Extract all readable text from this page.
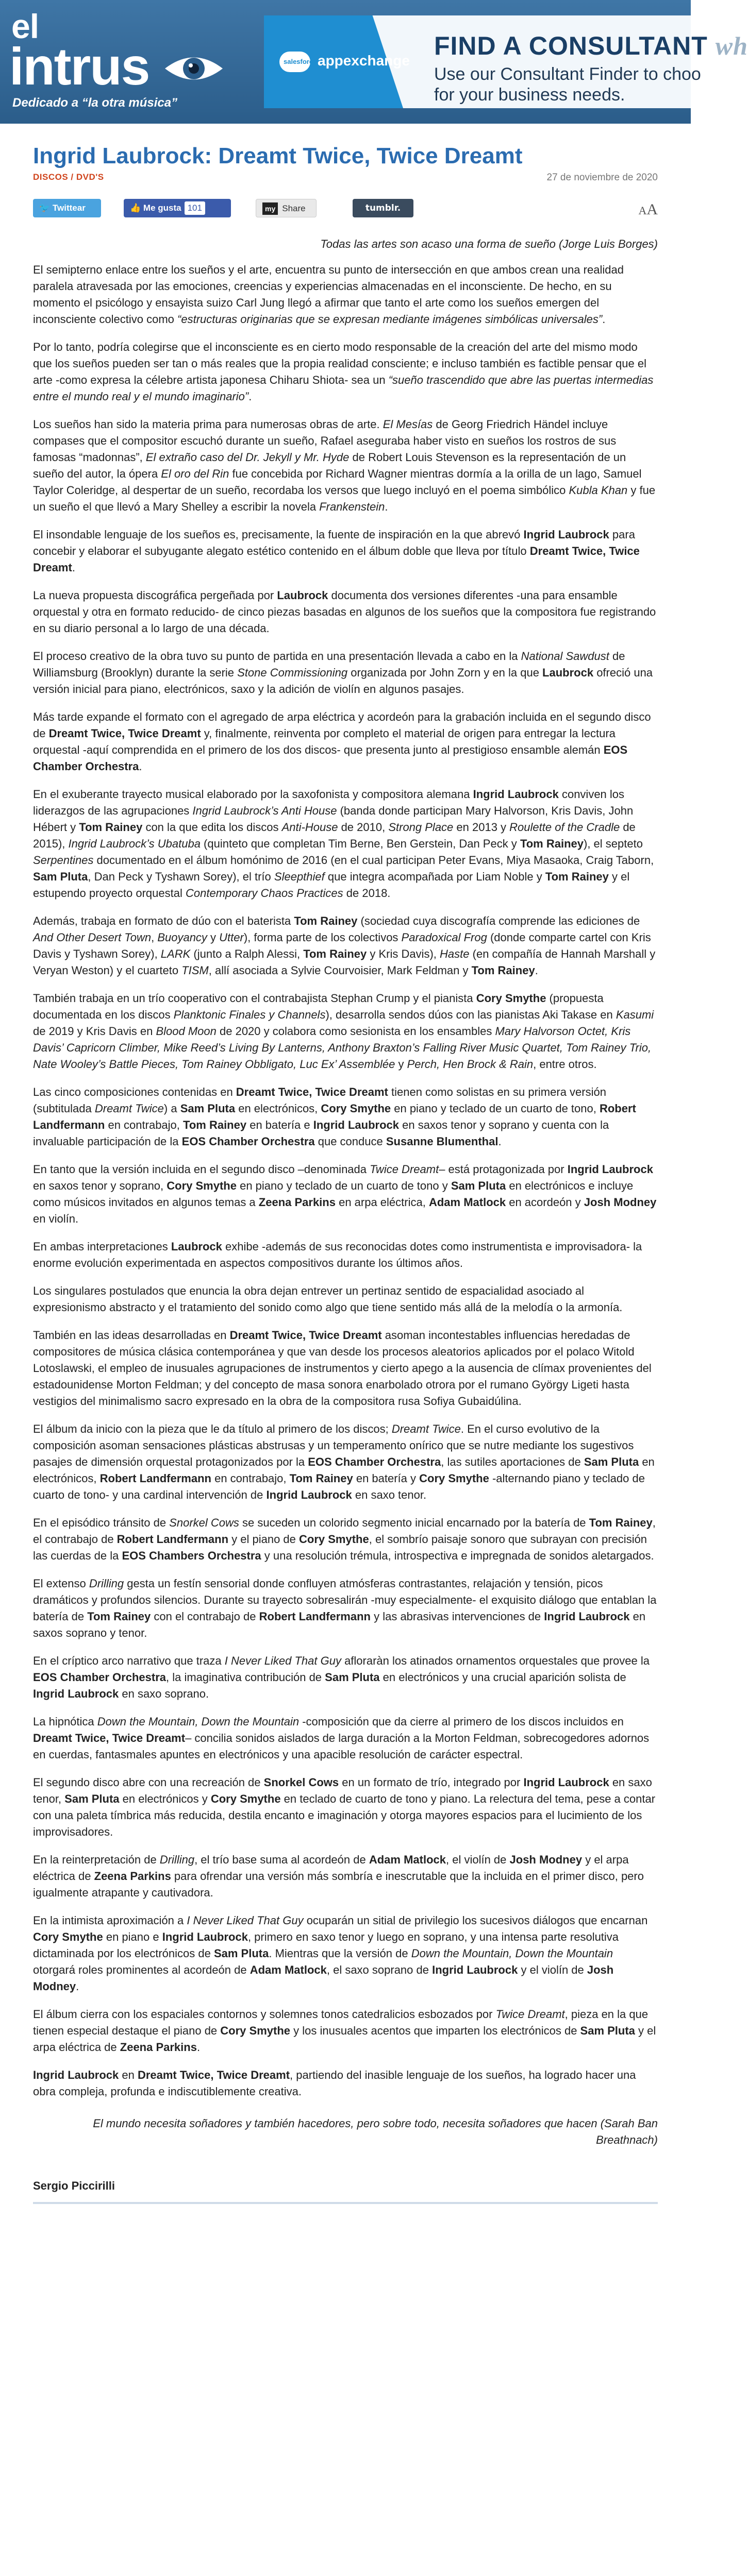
el
intrus
Dedicado a “la otra música”
salesforce appexchange
FIND A CONSULTANT wh
Use our Consultant Finder to choo
for your business needs.
Ingrid Laubrock: Dreamt Twice, Twice Dreamt
DISCOS / DVD'S	27 de noviembre de 2020
🐦 Twittear	👍 Me gusta 101	my Share	tumblr.	AA

Todas las artes son acaso una forma de sueño (Jorge Luis Borges)

El semipterno enlace entre los sueños y el arte, encuentra su punto de intersección en que ambos crean una realidad paralela atravesada por las emociones, creencias y experiencias almacenadas en el inconsciente. De hecho, en su momento el psicólogo y ensayista suizo Carl Jung llegó a afirmar que tanto el arte como los sueños emergen del inconsciente colectivo como “estructuras originarias que se expresan mediante imágenes simbólicas universales”.

Por lo tanto, podría colegirse que el inconsciente es en cierto modo responsable de la creación del arte del mismo modo que los sueños pueden ser tan o más reales que la propia realidad consciente; e incluso también es factible pensar que el arte -como expresa la célebre artista japonesa Chiharu Shiota- sea un “sueño trascendido que abre las puertas intermedias entre el mundo real y el mundo imaginario”.

Los sueños han sido la materia prima para numerosas obras de arte. El Mesías de Georg Friedrich Händel incluye compases que el compositor escuchó durante un sueño, Rafael aseguraba haber visto en sueños los rostros de sus famosas “madonnas”, El extraño caso del Dr. Jekyll y Mr. Hyde de Robert Louis Stevenson es la representación de un sueño del autor, la ópera El oro del Rin fue concebida por Richard Wagner mientras dormía a la orilla de un lago, Samuel Taylor Coleridge, al despertar de un sueño, recordaba los versos que luego incluyó en el poema simbólico Kubla Khan y fue un sueño el que llevó a Mary Shelley a escribir la novela Frankenstein.

El insondable lenguaje de los sueños es, precisamente, la fuente de inspiración en la que abrevó Ingrid Laubrock para concebir y elaborar el subyugante alegato estético contenido en el álbum doble que lleva por título Dreamt Twice, Twice Dreamt.

La nueva propuesta discográfica pergeñada por Laubrock documenta dos versiones diferentes -una para ensamble orquestal y otra en formato reducido- de cinco piezas basadas en algunos de los sueños que la compositora fue registrando en su diario personal a lo largo de una década.

El proceso creativo de la obra tuvo su punto de partida en una presentación llevada a cabo en la National Sawdust de Williamsburg (Brooklyn) durante la serie Stone Commissioning organizada por John Zorn y en la que Laubrock ofreció una versión inicial para piano, electrónicos, saxo y la adición de violín en algunos pasajes.

Más tarde expande el formato con el agregado de arpa eléctrica y acordeón para la grabación incluida en el segundo disco de Dreamt Twice, Twice Dreamt y, finalmente, reinventa por completo el material de origen para entregar la lectura orquestal -aquí comprendida en el primero de los dos discos- que presenta junto al prestigioso ensamble alemán EOS Chamber Orchestra.

En el exuberante trayecto musical elaborado por la saxofonista y compositora alemana Ingrid Laubrock conviven los liderazgos de las agrupaciones Ingrid Laubrock’s Anti House (banda donde participan Mary Halvorson, Kris Davis, John Hébert y Tom Rainey con la que edita los discos Anti-House de 2010, Strong Place en 2013 y Roulette of the Cradle de 2015), Ingrid Laubrock’s Ubatuba (quinteto que completan Tim Berne, Ben Gerstein, Dan Peck y Tom Rainey), el septeto Serpentines documentado en el álbum homónimo de 2016 (en el cual participan Peter Evans, Miya Masaoka, Craig Taborn, Sam Pluta, Dan Peck y Tyshawn Sorey), el trío Sleepthief que integra acompañada por Liam Noble y Tom Rainey y el estupendo proyecto orquestal Contemporary Chaos Practices de 2018.

Además, trabaja en formato de dúo con el baterista Tom Rainey (sociedad cuya discografía comprende las ediciones de And Other Desert Town, Buoyancy y Utter), forma parte de los colectivos Paradoxical Frog (donde comparte cartel con Kris Davis y Tyshawn Sorey), LARK (junto a Ralph Alessi, Tom Rainey y Kris Davis), Haste (en compañía de Hannah Marshall y Veryan Weston) y el cuarteto TISM, allí asociada a Sylvie Courvoisier, Mark Feldman y Tom Rainey.

También trabaja en un trío cooperativo con el contrabajista Stephan Crump y el pianista Cory Smythe (propuesta documentada en los discos Planktonic Finales y Channels), desarrolla sendos dúos con las pianistas Aki Takase en Kasumi de 2019 y Kris Davis en Blood Moon de 2020 y colabora como sesionista en los ensambles Mary Halvorson Octet, Kris Davis’ Capricorn Climber, Mike Reed’s Living By Lanterns, Anthony Braxton’s Falling River Music Quartet, Tom Rainey Trio, Nate Wooley’s Battle Pieces, Tom Rainey Obbligato, Luc Ex’ Assemblée y Perch, Hen Brock & Rain, entre otros.

Las cinco composiciones contenidas en Dreamt Twice, Twice Dreamt tienen como solistas en su primera versión (subtitulada Dreamt Twice) a Sam Pluta en electrónicos, Cory Smythe en piano y teclado de un cuarto de tono, Robert Landfermann en contrabajo, Tom Rainey en batería e Ingrid Laubrock en saxos tenor y soprano y cuenta con la invaluable participación de la EOS Chamber Orchestra que conduce Susanne Blumenthal.

En tanto que la versión incluida en el segundo disco –denominada Twice Dreamt– está protagonizada por Ingrid Laubrock en saxos tenor y soprano, Cory Smythe en piano y teclado de un cuarto de tono y Sam Pluta en electrónicos e incluye como músicos invitados en algunos temas a Zeena Parkins en arpa eléctrica, Adam Matlock en acordeón y Josh Modney en violín.

En ambas interpretaciones Laubrock exhibe -además de sus reconocidas dotes como instrumentista e improvisadora- la enorme evolución experimentada en aspectos compositivos durante los últimos años.

Los singulares postulados que enuncia la obra dejan entrever un pertinaz sentido de espacialidad asociado al expresionismo abstracto y el tratamiento del sonido como algo que tiene sentido más allá de la melodía o la armonía.

También en las ideas desarrolladas en Dreamt Twice, Twice Dreamt asoman incontestables influencias heredadas de compositores de música clásica contemporánea y que van desde los procesos aleatorios aplicados por el polaco Witold Lotoslawski, el empleo de inusuales agrupaciones de instrumentos y cierto apego a la ausencia de clímax provenientes del estadounidense Morton Feldman; y del concepto de masa sonora enarbolado otrora por el rumano György Ligeti hasta vestigios del minimalismo sacro expresado en la obra de la compositora rusa Sofiya Gubaidúlina.

El álbum da inicio con la pieza que le da título al primero de los discos; Dreamt Twice. En el curso evolutivo de la composición asoman sensaciones plásticas abstrusas y un temperamento onírico que se nutre mediante los sugestivos pasajes de dimensión orquestal protagonizados por la EOS Chamber Orchestra, las sutiles aportaciones de Sam Pluta en electrónicos, Robert Landfermann en contrabajo, Tom Rainey en batería y Cory Smythe -alternando piano y teclado de cuarto de tono- y una cardinal intervención de Ingrid Laubrock en saxo tenor.

En el episódico tránsito de Snorkel Cows se suceden un colorido segmento inicial encarnado por la batería de Tom Rainey, el contrabajo de Robert Landfermann y el piano de Cory Smythe, el sombrío paisaje sonoro que subrayan con precisión las cuerdas de la EOS Chambers Orchestra y una resolución trémula, introspectiva e impregnada de sonidos aletargados.

El extenso Drilling gesta un festín sensorial donde confluyen atmósferas contrastantes, relajación y tensión, picos dramáticos y profundos silencios. Durante su trayecto sobresalirán -muy especialmente- el exquisito diálogo que entablan la batería de Tom Rainey con el contrabajo de Robert Landfermann y las abrasivas intervenciones de Ingrid Laubrock en saxos soprano y tenor.

En el críptico arco narrativo que traza I Never Liked That Guy afloraràn los atinados ornamentos orquestales que provee la EOS Chamber Orchestra, la imaginativa contribución de Sam Pluta en electrónicos y una crucial aparición solista de Ingrid Laubrock en saxo soprano.

La hipnótica Down the Mountain, Down the Mountain -composición que da cierre al primero de los discos incluidos en Dreamt Twice, Twice Dreamt– concilia sonidos aislados de larga duración a la Morton Feldman, sobrecogedores adornos en cuerdas, fantasmales apuntes en electrónicos y una apacible resolución de carácter espectral.

El segundo disco abre con una recreación de Snorkel Cows en un formato de trío, integrado por Ingrid Laubrock en saxo tenor, Sam Pluta en electrónicos y Cory Smythe en teclado de cuarto de tono y piano. La relectura del tema, pese a contar con una paleta tímbrica más reducida, destila encanto e imaginación y otorga mayores espacios para el lucimiento de los improvisadores.

En la reinterpretación de Drilling, el trío base suma al acordeón de Adam Matlock, el violín de Josh Modney y el arpa eléctrica de Zeena Parkins para ofrendar una versión más sombría e inescrutable que la incluida en el primer disco, pero igualmente atrapante y cautivadora.

En la intimista aproximación a I Never Liked That Guy ocuparán un sitial de privilegio los sucesivos diálogos que encarnan Cory Smythe en piano e Ingrid Laubrock, primero en saxo tenor y luego en soprano, y una intensa parte resolutiva dictaminada por los electrónicos de Sam Pluta. Mientras que la versión de Down the Mountain, Down the Mountain otorgará roles prominentes al acordeón de Adam Matlock, el saxo soprano de Ingrid Laubrock y el violín de Josh Modney.

El álbum cierra con los espaciales contornos y solemnes tonos catedralicios esbozados por Twice Dreamt, pieza en la que tienen especial destaque el piano de Cory Smythe y los inusuales acentos que imparten los electrónicos de Sam Pluta y el arpa eléctrica de Zeena Parkins.

Ingrid Laubrock en Dreamt Twice, Twice Dreamt, partiendo del inasible lenguaje de los sueños, ha logrado hacer una obra compleja, profunda e indiscutiblemente creativa.

El mundo necesita soñadores y también hacedores, pero sobre todo, necesita soñadores que hacen (Sarah Ban Breathnach)

Sergio Piccirilli
